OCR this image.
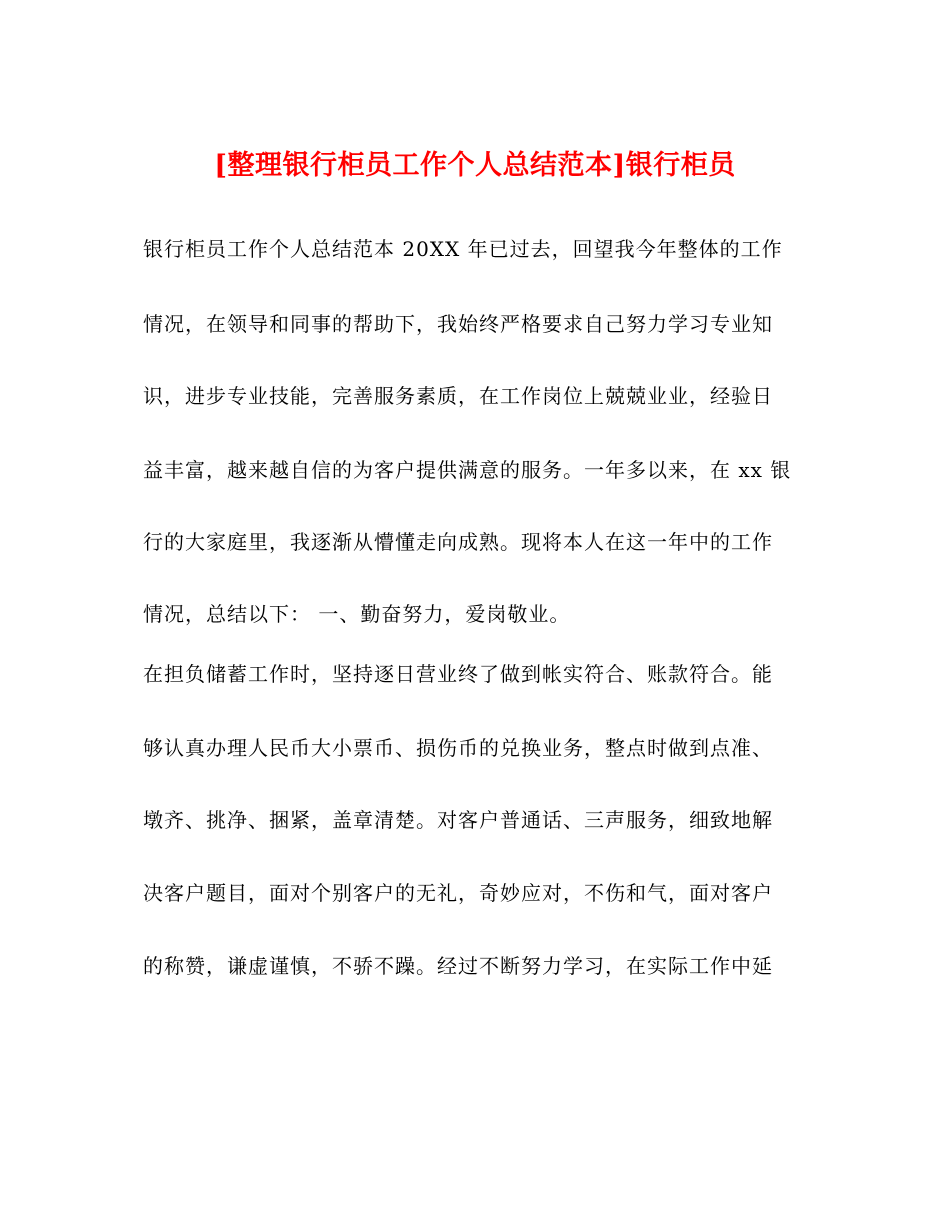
[整理银行柜员工作个人总结范本]银行柜员
银行柜员工作个人总结范本 20XX 年已过去，回望我今年整体的工作
情况，在领导和同事的帮助下，我始终严格要求自己努力学习专业知
识，进步专业技能，完善服务素质，在工作岗位上兢兢业业，经验日
益丰富，越来越自信的为客户提供满意的服务。一年多以来，在 xx 银
行的大家庭里，我逐渐从懵懂走向成熟。现将本人在这一年中的工作
情况，总结以下： 一、勤奋努力，爱岗敬业。
在担负储蓄工作时，坚持逐日营业终了做到帐实符合、账款符合。能
够认真办理人民币大小票币、损伤币的兑换业务，整点时做到点准、
墩齐、挑净、捆紧，盖章清楚。对客户普通话、三声服务，细致地解
决客户题目，面对个别客户的无礼，奇妙应对，不伤和气，面对客户
的称赞，谦虚谨慎，不骄不躁。经过不断努力学习，在实际工作中延
